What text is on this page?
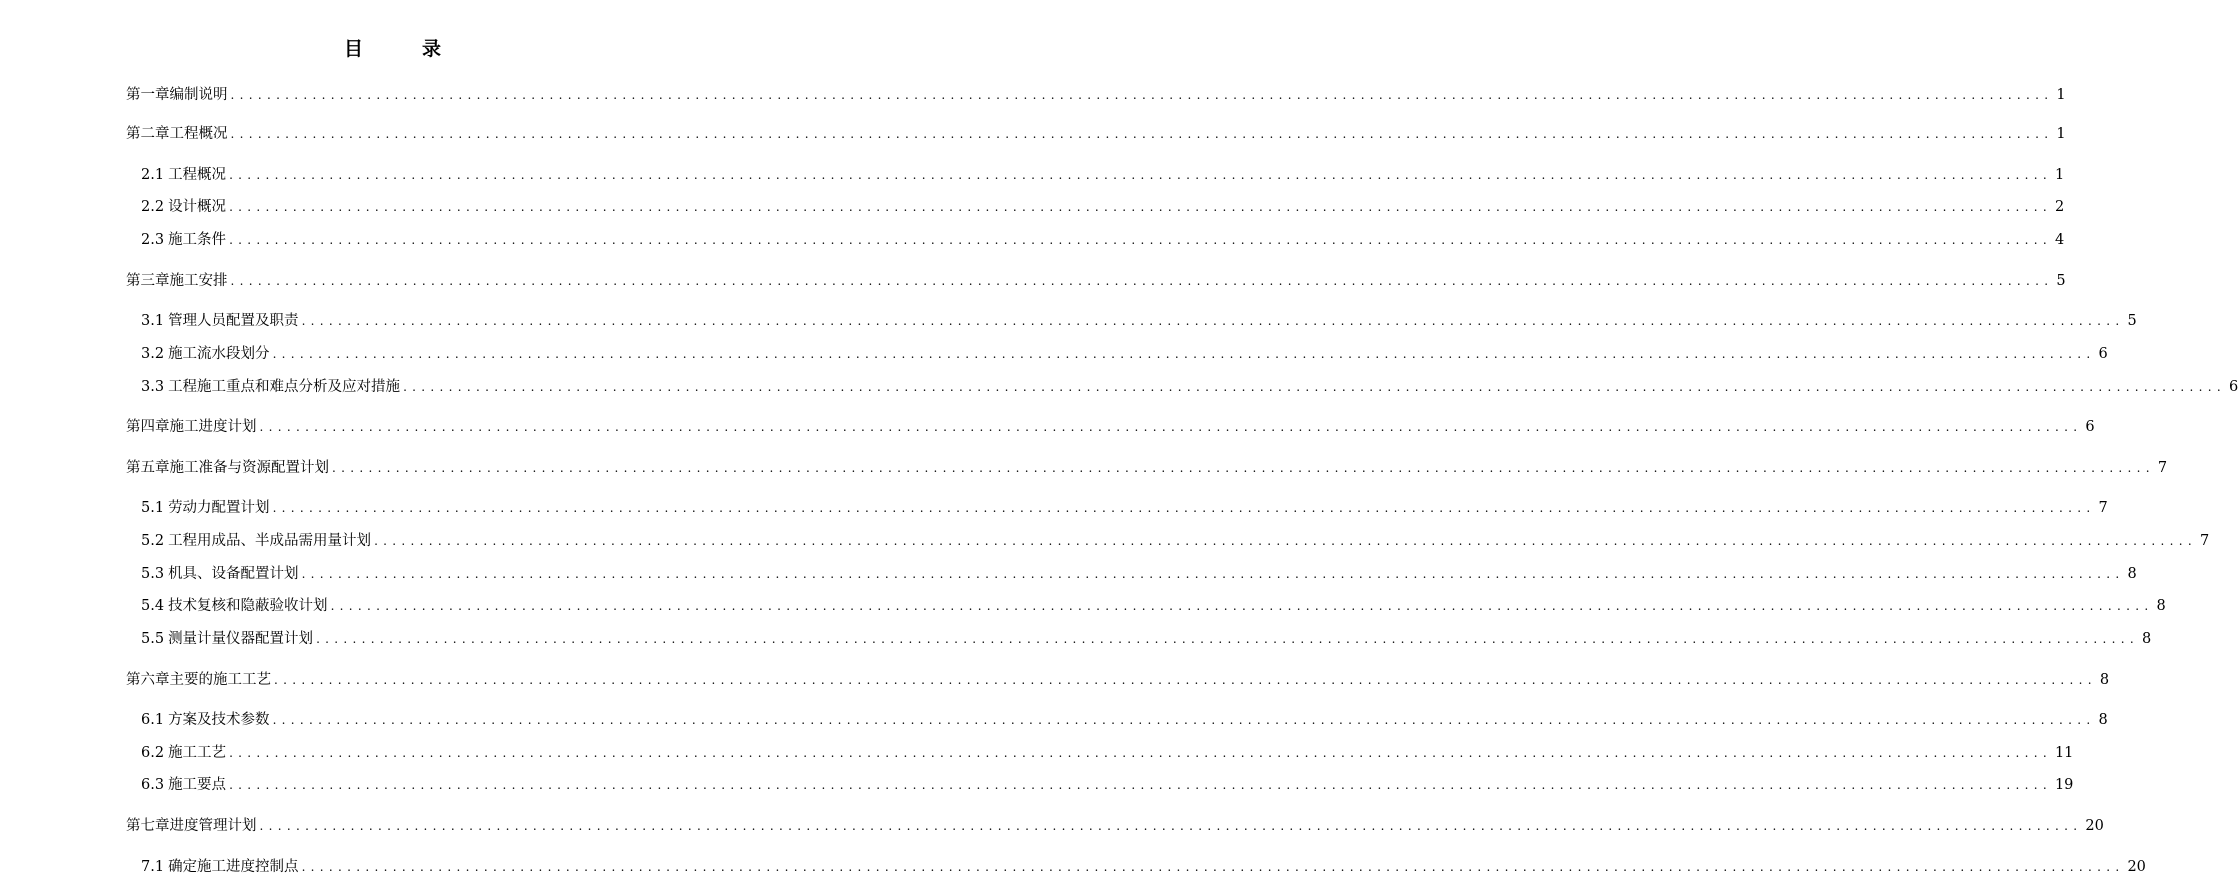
目　录
第一章编制说明 ........................................................................................................................................................................................................ 1
第二章工程概况 ........................................................................................................................................................................................................ 1
2.1 工程概况 ........................................................................................................................................................................................................ 1
2.2 设计概况 ........................................................................................................................................................................................................ 2
2.3 施工条件 ........................................................................................................................................................................................................ 4
第三章施工安排 ........................................................................................................................................................................................................ 5
3.1 管理人员配置及职责 ........................................................................................................................................................................................................ 5
3.2 施工流水段划分 ........................................................................................................................................................................................................ 6
3.3 工程施工重点和难点分析及应对措施 ........................................................................................................................................................................................................ 6
第四章施工进度计划 ........................................................................................................................................................................................................ 6
第五章施工准备与资源配置计划 ........................................................................................................................................................................................................ 7
5.1 劳动力配置计划 ........................................................................................................................................................................................................ 7
5.2 工程用成品、半成品需用量计划 ........................................................................................................................................................................................................ 7
5.3 机具、设备配置计划 ........................................................................................................................................................................................................ 8
5.4 技术复核和隐蔽验收计划 ........................................................................................................................................................................................................ 8
5.5 测量计量仪器配置计划 ........................................................................................................................................................................................................ 8
第六章主要的施工工艺 ........................................................................................................................................................................................................ 8
6.1 方案及技术参数 ........................................................................................................................................................................................................ 8
6.2 施工工艺 ........................................................................................................................................................................................................ 11
6.3 施工要点 ........................................................................................................................................................................................................ 19
第七章进度管理计划 ........................................................................................................................................................................................................ 20
7.1 确定施工进度控制点 ........................................................................................................................................................................................................ 20
